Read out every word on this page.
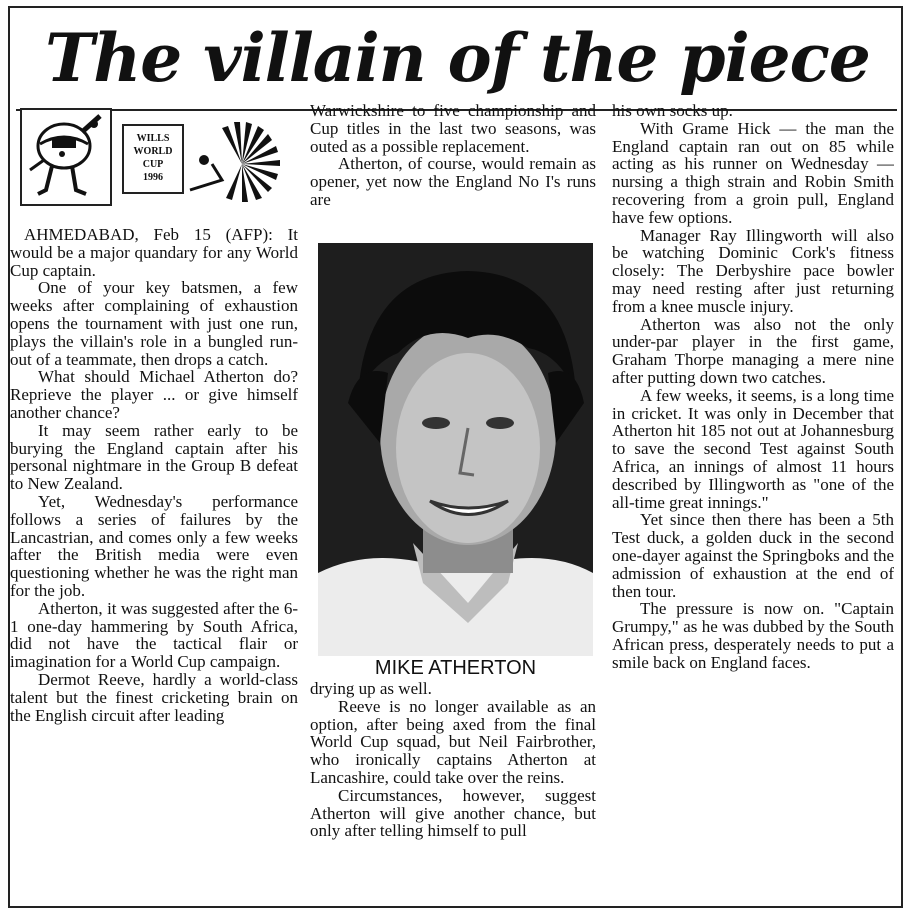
The villain of the piece
WILLS
WORLD CUP
1996

AHMEDABAD, Feb 15 (AFP): It would be a major quandary for any World Cup captain.

One of your key batsmen, a few weeks after complaining of exhaustion opens the tournament with just one run, plays the villain's role in a bungled run-out of a teammate, then drops a catch.

What should Michael Atherton do? Reprieve the player ... or give himself another chance?

It may seem rather early to be burying the England captain after his personal nightmare in the Group B defeat to New Zealand.

Yet, Wednesday's performance follows a series of failures by the Lancastrian, and comes only a few weeks after the British media were even questioning whether he was the right man for the job.

Atherton, it was suggested after the 6-1 one-day hammering by South Africa, did not have the tactical flair or imagination for a World Cup campaign.

Dermot Reeve, hardly a world-class talent but the finest cricketing brain on the English circuit after leading

Warwickshire to five championship and Cup titles in the last two seasons, was outed as a possible replacement.

Atherton, of course, would remain as opener, yet now the England No I's runs are

MIKE ATHERTON

drying up as well.

Reeve is no longer available as an option, after being axed from the final World Cup squad, but Neil Fairbrother, who ironically captains Atherton at Lancashire, could take over the reins.

Circumstances, however, suggest Atherton will give another chance, but only after telling himself to pull

his own socks up.

With Grame Hick — the man the England captain ran out on 85 while acting as his runner on Wednesday — nursing a thigh strain and Robin Smith recovering from a groin pull, England have few options.

Manager Ray Illingworth will also be watching Dominic Cork's fitness closely: The Derbyshire pace bowler may need resting after just returning from a knee muscle injury.

Atherton was also not the only under-par player in the first game, Graham Thorpe managing a mere nine after putting down two catches.

A few weeks, it seems, is a long time in cricket. It was only in December that Atherton hit 185 not out at Johannesburg to save the second Test against South Africa, an innings of almost 11 hours described by Illingworth as "one of the all-time great innings."

Yet since then there has been a 5th Test duck, a golden duck in the second one-dayer against the Springboks and the admission of exhaustion at the end of then tour.

The pressure is now on. "Captain Grumpy," as he was dubbed by the South African press, desperately needs to put a smile back on England faces.
